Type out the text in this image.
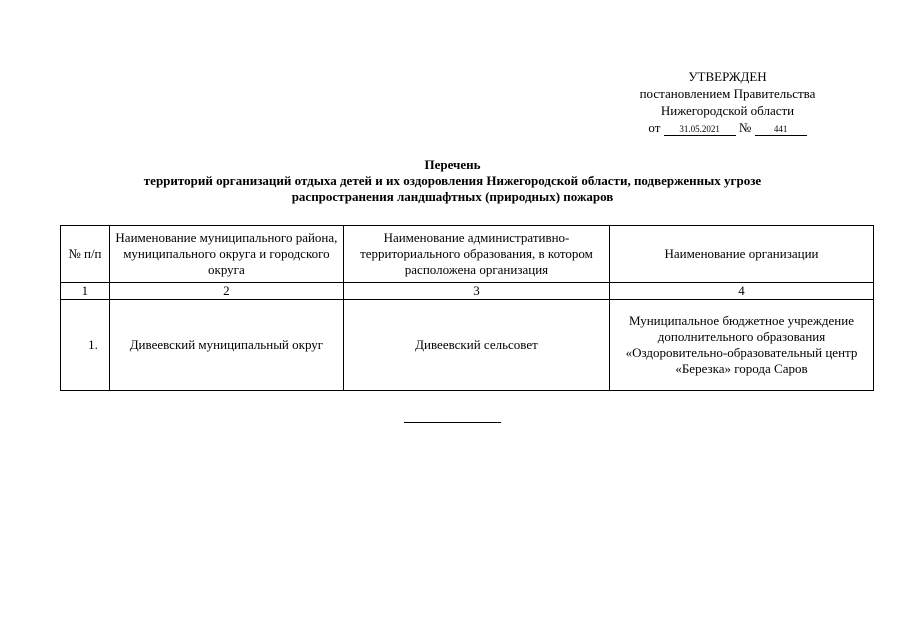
УТВЕРЖДЕН
постановлением Правительства
Нижегородской области
от 31.05.2021 №	441
Перечень
территорий организаций отдыха детей и их оздоровления Нижегородской области, подверженных угрозе
распространения ландшафтных (природных) пожаров
№ п/п	Наименование муниципального района, муниципального округа и городского округа	Наименование административно-территориального образования, в котором расположена организация	Наименование организации
1	2	3	4
1.	Дивеевский муниципальный округ	Дивеевский сельсовет	Муниципальное бюджетное учреждение дополнительного образования «Оздоровительно-образовательный центр «Березка» города Саров
